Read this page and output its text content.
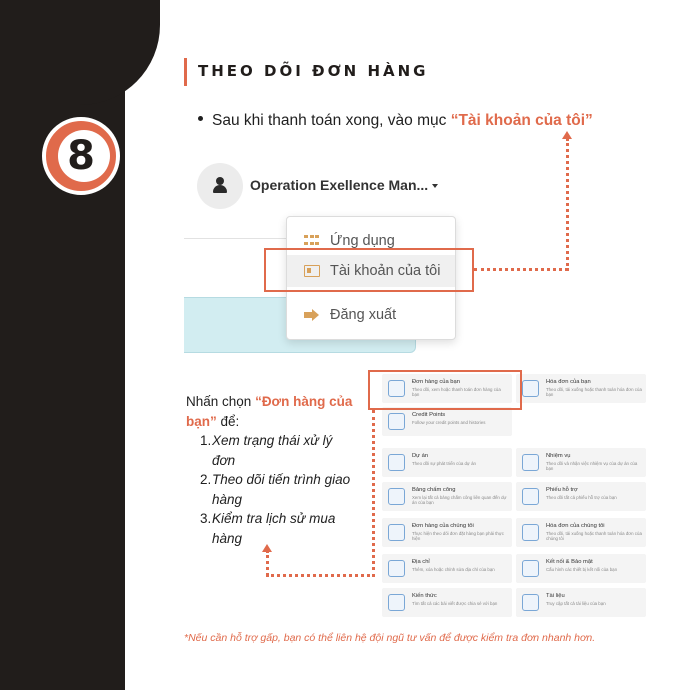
8
THEO DÕI ĐƠN HÀNG
Sau khi thanh toán xong, vào mục “Tài khoản của tôi”
Operation Exellence Man...
Ứng dụng
Tài khoản của tôi
Đăng xuất
Nhấn chọn “Đơn hàng của bạn” để:
1. Xem trạng thái xử lý đơn
2. Theo dõi tiến trình giao hàng
3. Kiểm tra lịch sử mua hàng
Đơn hàng của bạn
Theo dõi, xem hoặc thanh toán đơn hàng của bạn
Hóa đơn của bạn
Theo dõi, tải xuống hoặc thanh toán hóa đơn của bạn
Credit Points
Follow your credit points and histories
Dự án
Theo dõi sự phát triển của dự án
Nhiệm vụ
Theo dõi và nhận việc nhiệm vụ của dự án của bạn
Bảng chấm công
Xem lại tất cả bảng chấm công liên quan đến dự án của bạn
Phiếu hỗ trợ
Theo dõi tất cả phiếu hỗ trợ của bạn
Đơn hàng của chúng tôi
Thực hiện theo dõi đơn đặt hàng bạn phải thực hiện
Hóa đơn của chúng tôi
Theo dõi, tải xuống hoặc thanh toán hóa đơn của chúng tôi
Địa chỉ
Thêm, xóa hoặc chỉnh sửa địa chỉ của bạn
Kết nối & Bảo mật
Cấu hình các thiết bị kết nối của bạn
Kiến thức
Tìm tất cả các bài viết được chia sẻ với bạn
Tài liệu
Truy cập tất cả tài liệu của bạn
*Nếu cần hỗ trợ gấp, bạn có thể liên hệ đội ngũ tư vấn để được kiểm tra đơn nhanh hơn.
